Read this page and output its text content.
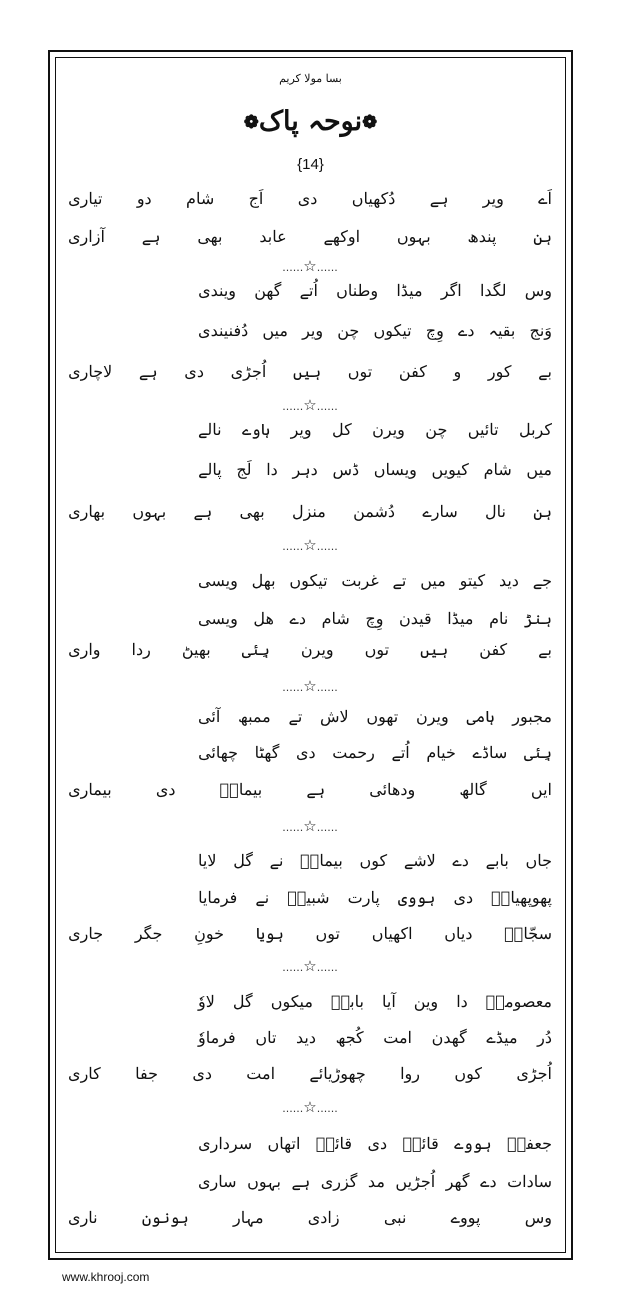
بسا مولا کریم
❁نوحہ پاک❁
{14}
اَے
ویر
ہے
دُکھیاں
دی
اَج
شام
دو
تیاری
ہن
پندھ
بہوں
اوکھے
عابد
بھی
ہے
آزاری
وس
لگدا
اگر
میڈا
وطناں
اُتے
گھن
ویندی
وَنج
بقیہ
دے
وِچ
تیکوں
چن
ویر
میں
دُفنیندی
بے
کور
و
کفن
توں
ہیں
اُجڑی
دی
ہے
لاچاری
کربل
تائیں
چن
ویرن
کل
ویر
ہاوے
نالے
میں
شام
کیویں
ویساں
ڈس
دہر
دا
لَج
پالے
ہن
نال
سارے
دُشمن
منزل
بھی
ہے
بہوں
بھاری
جے
دید
کیتو
میں
تے
غربت
تیکوں
بھل
ویسی
ہنڑ
نام
میڈا
قیدن
وِچ
شام
دے
ھل
ویسی
بے
کفن
ہیں
توں
ویرن
ہِئی
بھیڻ
ردا
واری
مجبور
ہامی
ویرن
تھوں
لاش
تے
ممبھ
آئی
ہِئی
ساڈے
خیام
اُتے
رحمت
دی
گھٹا
چھائی
ایں
گالھ
ودھائی
ہے
بیمارؑ
دی
بیماری
جاں
بابے
دے
لاشے
کوں
بیمارؑ
نے
گل
لایا
پھوپھیاںؑ
دی
ہووی
پارت
شبیرؑ
نے
فرمایا
سجّادؑ
دیاں
اکھیاں
توں
ہویا
خونِ
جگر
جاری
معصومہؑ
دا
وین
آیا
باباؑ
میکوں
گل
لاوٗ
دُر
میڈے
گھدن
امت
کُجھ
دید
تاں
فرماوٗ
اُجڑی
کوں
روا
چھوڑیائے
امت
دی
جفا
کاری
جعفرؑ
ہووے
قائمؑ
دی
قائمؑ
اتھاں
سرداری
سادات
دے
گھر
اُجڑیں
مد
گزری
ہے
بہوں
ساری
وس
پووے
نبی
زادی
مہار
ہونون
ناری
......☆......
......☆......
......☆......
......☆......
......☆......
......☆......
......☆......
www.khrooj.com
